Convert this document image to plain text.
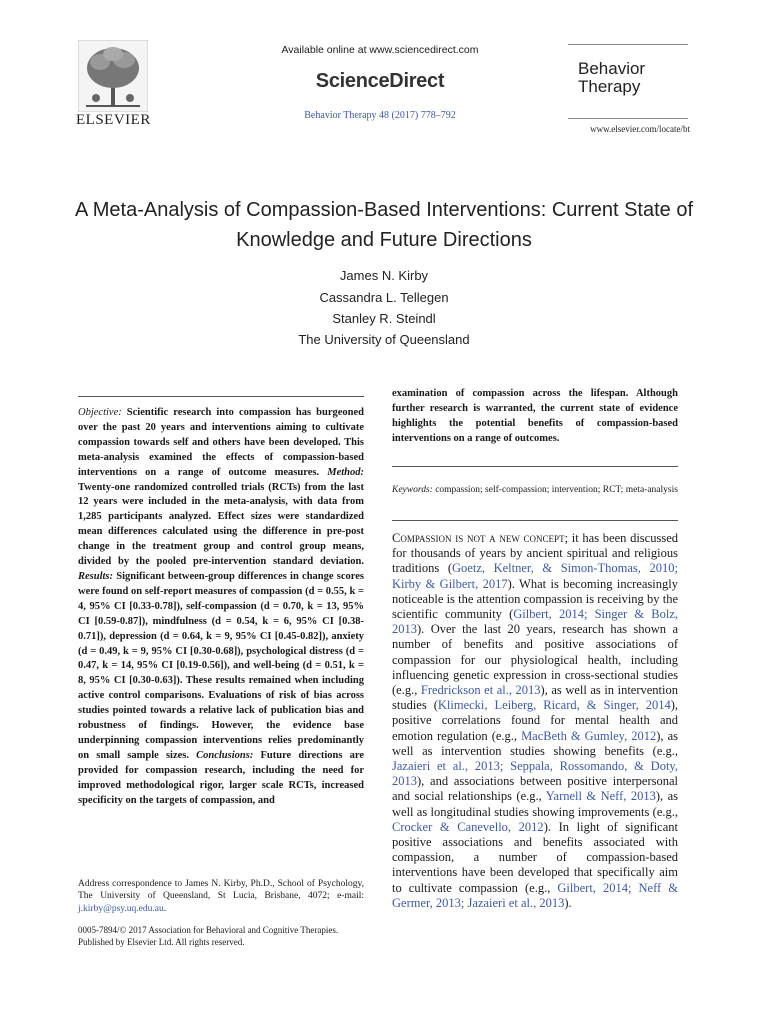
ELSEVIER
Available online at www.sciencedirect.com
ScienceDirect
Behavior Therapy 48 (2017) 778–792
Behavior
Therapy
www.elsevier.com/locate/bt
A Meta-Analysis of Compassion-Based Interventions: Current State of Knowledge and Future Directions
James N. Kirby
Cassandra L. Tellegen
Stanley R. Steindl
The University of Queensland
Objective: Scientific research into compassion has burgeoned over the past 20 years and interventions aiming to cultivate compassion towards self and others have been developed. This meta-analysis examined the effects of compassion-based interventions on a range of outcome measures. Method: Twenty-one randomized controlled trials (RCTs) from the last 12 years were included in the meta-analysis, with data from 1,285 participants analyzed. Effect sizes were standardized mean differences calculated using the difference in pre-post change in the treatment group and control group means, divided by the pooled pre-intervention standard deviation. Results: Significant between-group differences in change scores were found on self-report measures of compassion (d = 0.55, k = 4, 95% CI [0.33-0.78]), self-compassion (d = 0.70, k = 13, 95% CI [0.59-0.87]), mindfulness (d = 0.54, k = 6, 95% CI [0.38-0.71]), depression (d = 0.64, k = 9, 95% CI [0.45-0.82]), anxiety (d = 0.49, k = 9, 95% CI [0.30-0.68]), psychological distress (d = 0.47, k = 14, 95% CI [0.19-0.56]), and well-being (d = 0.51, k = 8, 95% CI [0.30-0.63]). These results remained when including active control comparisons. Evaluations of risk of bias across studies pointed towards a relative lack of publication bias and robustness of findings. However, the evidence base underpinning compassion interventions relies predominantly on small sample sizes. Conclusions: Future directions are provided for compassion research, including the need for improved methodological rigor, larger scale RCTs, increased specificity on the targets of compassion, and
Address correspondence to James N. Kirby, Ph.D., School of Psychology, The University of Queensland, St Lucia, Brisbane, 4072; e-mail: j.kirby@psy.uq.edu.au.
0005-7894/© 2017 Association for Behavioral and Cognitive Therapies. Published by Elsevier Ltd. All rights reserved.
examination of compassion across the lifespan. Although further research is warranted, the current state of evidence highlights the potential benefits of compassion-based interventions on a range of outcomes.
Keywords: compassion; self-compassion; intervention; RCT; meta-analysis
Compassion is not a new concept; it has been discussed for thousands of years by ancient spiritual and religious traditions (Goetz, Keltner, & Simon-Thomas, 2010; Kirby & Gilbert, 2017). What is becoming increasingly noticeable is the attention compassion is receiving by the scientific community (Gilbert, 2014; Singer & Bolz, 2013). Over the last 20 years, research has shown a number of benefits and positive associations of compassion for our physiological health, including influencing genetic expression in cross-sectional studies (e.g., Fredrickson et al., 2013), as well as in intervention studies (Klimecki, Leiberg, Ricard, & Singer, 2014), positive correlations found for mental health and emotion regulation (e.g., MacBeth & Gumley, 2012), as well as intervention studies showing benefits (e.g., Jazaieri et al., 2013; Seppala, Rossomando, & Doty, 2013), and associations between positive interpersonal and social relationships (e.g., Yarnell & Neff, 2013), as well as longitudinal studies showing improvements (e.g., Crocker & Canevello, 2012). In light of significant positive associations and benefits associated with compassion, a number of compassion-based interventions have been developed that specifically aim to cultivate compassion (e.g., Gilbert, 2014; Neff & Germer, 2013; Jazaieri et al., 2013).
